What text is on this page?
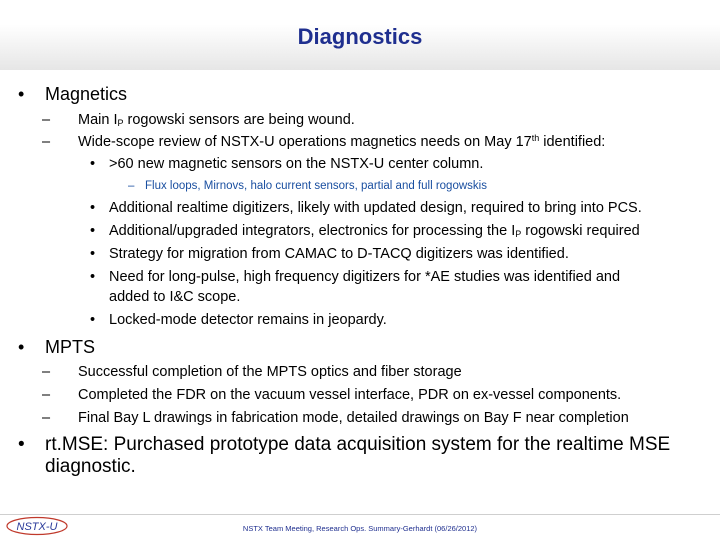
Diagnostics
• Magnetics
– Main $I_P$ rogowski sensors are being wound.
– Wide-scope review of NSTX-U operations magnetics needs on May 17th identified:
• >60 new magnetic sensors on the NSTX-U center column.
– Flux loops, Mirnovs, halo current sensors, partial and full rogowskis
• Additional realtime digitizers, likely with updated design, required to bring into PCS.
• Additional/upgraded integrators, electronics for processing the $I_P$ rogowski required
• Strategy for migration from CAMAC to D-TACQ digitizers was identified.
• Need for long-pulse, high frequency digitizers for *AE studies was identified and
added to I&C scope.
• Locked-mode detector remains in jeopardy.
• MPTS
– Successful completion of the MPTS optics and fiber storage
– Completed the FDR on the vacuum vessel interface, PDR on ex-vessel components.
– Final Bay L drawings in fabrication mode, detailed drawings on Bay F near completion
• rt.MSE: Purchased prototype data acquisition system for the realtime MSE
diagnostic.
NSTX-U	NSTX Team Meeting, Research Ops. Summary-Gerhardt (06/26/2012)
